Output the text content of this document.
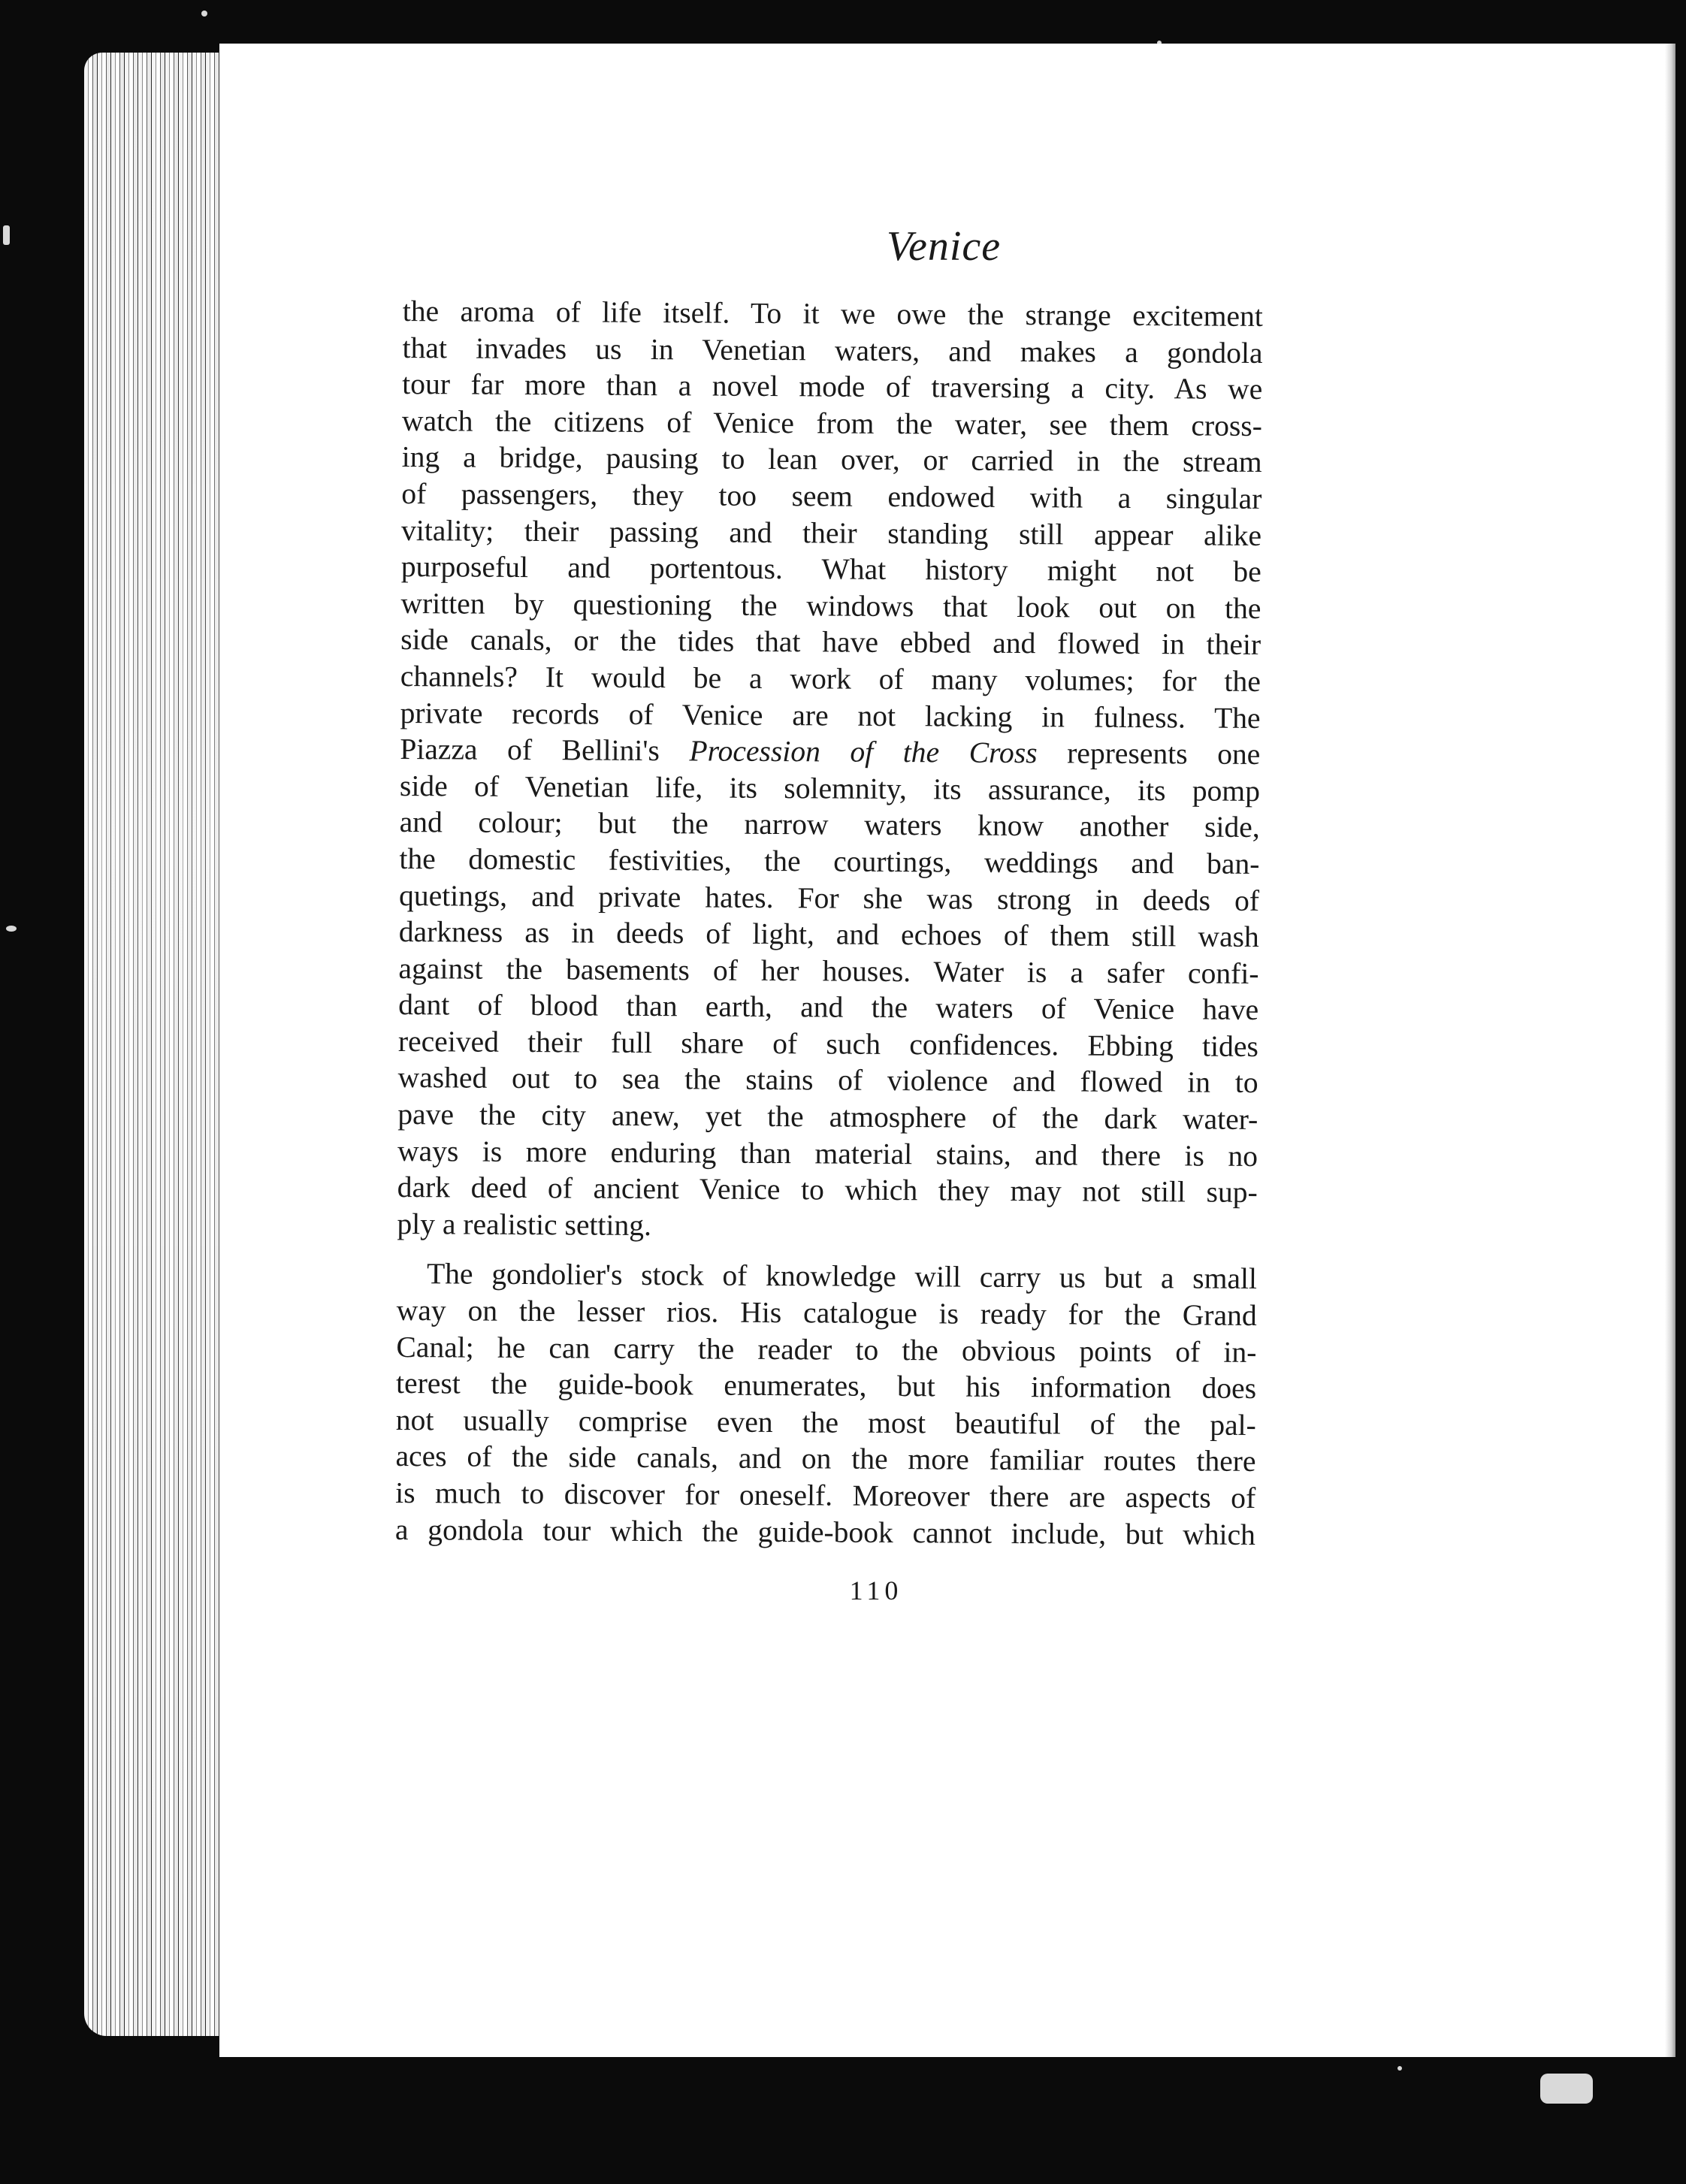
Venice
the aroma of life itself. To it we owe the strange excitement
that invades us in Venetian waters, and makes a gondola
tour far more than a novel mode of traversing a city. As we
watch the citizens of Venice from the water, see them cross-
ing a bridge, pausing to lean over, or carried in the stream
of passengers, they too seem endowed with a singular
vitality; their passing and their standing still appear alike
purposeful and portentous. What history might not be
written by questioning the windows that look out on the
side canals, or the tides that have ebbed and flowed in their
channels? It would be a work of many volumes; for the
private records of Venice are not lacking in fulness. The
Piazza of Bellini's Procession of the Cross represents one
side of Venetian life, its solemnity, its assurance, its pomp
and colour; but the narrow waters know another side,
the domestic festivities, the courtings, weddings and ban-
quetings, and private hates. For she was strong in deeds of
darkness as in deeds of light, and echoes of them still wash
against the basements of her houses. Water is a safer confi-
dant of blood than earth, and the waters of Venice have
received their full share of such confidences. Ebbing tides
washed out to sea the stains of violence and flowed in to
pave the city anew, yet the atmosphere of the dark water-
ways is more enduring than material stains, and there is no
dark deed of ancient Venice to which they may not still sup-
ply a realistic setting.
The gondolier's stock of knowledge will carry us but a small
way on the lesser rios. His catalogue is ready for the Grand
Canal; he can carry the reader to the obvious points of in-
terest the guide-book enumerates, but his information does
not usually comprise even the most beautiful of the pal-
aces of the side canals, and on the more familiar routes there
is much to discover for oneself. Moreover there are aspects of
a gondola tour which the guide-book cannot include, but which
110
